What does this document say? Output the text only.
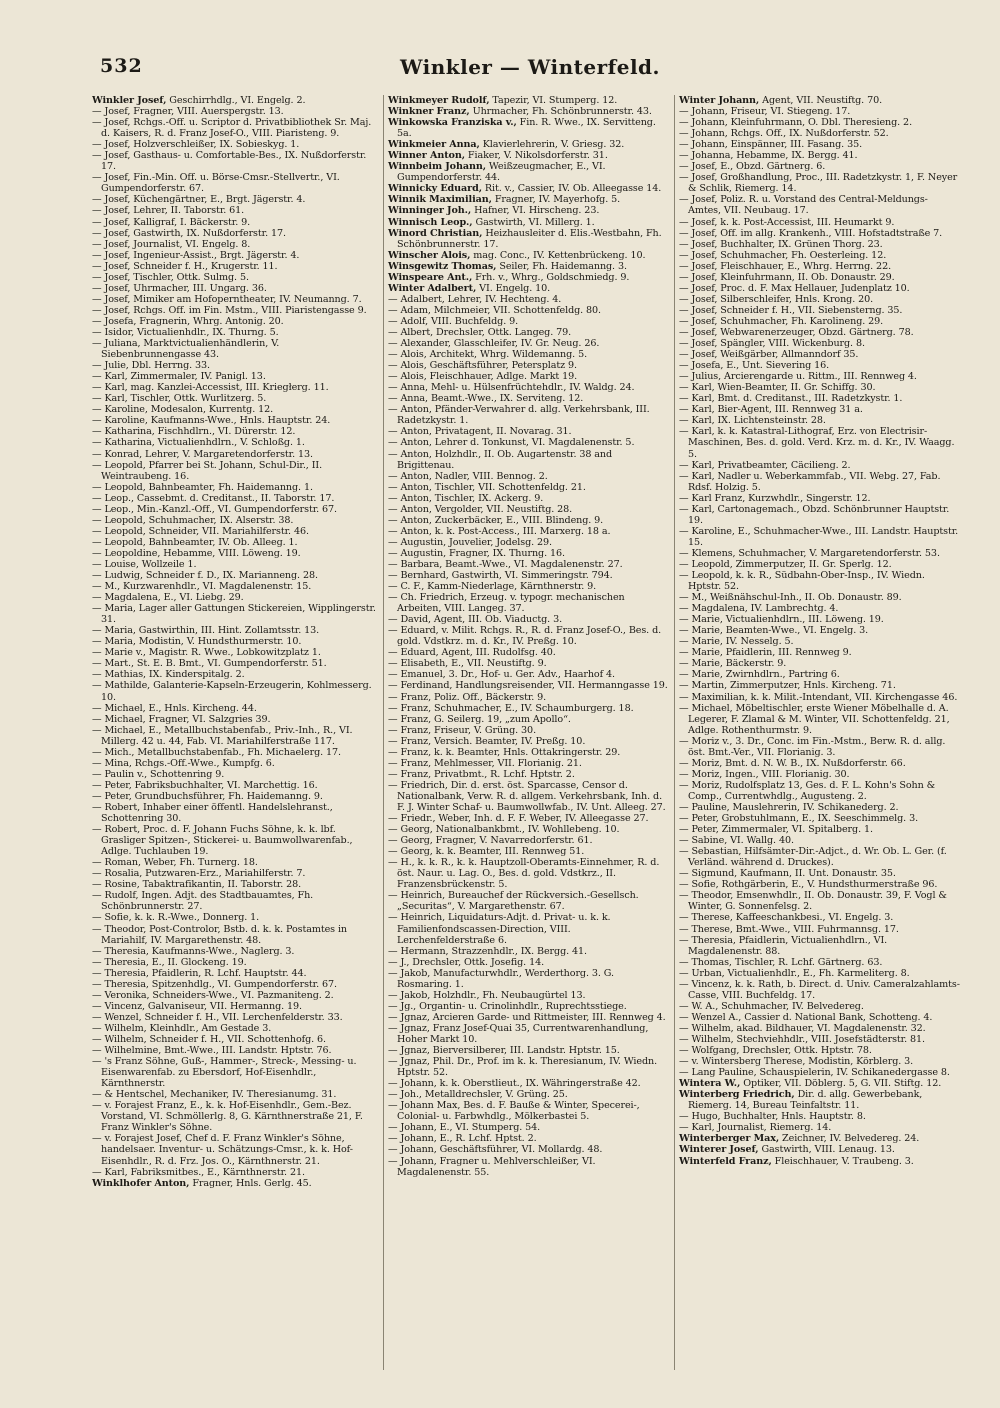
532	Winkler — Winterfeld.

Winkler Josef, Geschirrhdlg., VI. Engelg. 2.

— Josef, Fragner, VIII. Auerspergstr. 13.

— Josef, Rchgs.-Off. u. Scriptor d. Privatbibliothek Sr. Maj. d. Kaisers, R. d. Franz Josef-O., VIII. Piaristeng. 9.

— Josef, Holzverschleißer, IX. Sobieskyg. 1.

— Josef, Gasthaus- u. Comfortable-Bes., IX. Nußdorferstr. 17.

— Josef, Fin.-Min. Off. u. Börse-Cmsr.-Stellvertr., VI. Gumpendorferstr. 67.

— Josef, Küchengärtner, E., Brgt. Jägerstr. 4.

— Josef, Lehrer, II. Taborstr. 61.

— Josef, Kalligraf, I. Bäckerstr. 9.

— Josef, Gastwirth, IX. Nußdorferstr. 17.

— Josef, Journalist, VI. Engelg. 8.

— Josef, Ingenieur-Assist., Brgt. Jägerstr. 4.

— Josef, Schneider f. H., Krugerstr. 11.

— Josef, Tischler, Ottk. Sulmg. 5.

— Josef, Uhrmacher, III. Ungarg. 36.

— Josef, Mimiker am Hofoperntheater, IV. Neumanng. 7.

— Josef, Rchgs. Off. im Fin. Mstm., VIII. Piaristengasse 9.

— Josefa, Fragnerin, Whrg. Antonig. 20.

— Isidor, Victualienhdlr., IX. Thurng. 5.

— Juliana, Marktvictualienhändlerin, V. Siebenbrunnengasse 43.

— Julie, Dbl. Herrng. 33.

— Karl, Zimmermaler, IV. Panigl. 13.

— Karl, mag. Kanzlei-Accessist, III. Kriegłerg. 11.

— Karl, Tischler, Ottk. Wurlitzerg. 5.

— Karoline, Modesalon, Kurrentg. 12.

— Karoline, Kaufmanns-Wwe., Hnls. Hauptstr. 24.

— Katharina, Fischhdlrn., VI. Dürerstr. 12.

— Katharina, Victualienhdlrn., V. Schloßg. 1.

— Konrad, Lehrer, V. Margaretendorferstr. 13.

— Leopold, Pfarrer bei St. Johann, Schul-Dir., II. Weintraubeng. 16.

— Leopold, Bahnbeamter, Fh. Haidemanng. 1.

— Leop., Cassebmt. d. Creditanst., II. Taborstr. 17.

— Leop., Min.-Kanzl.-Off., VI. Gumpendorferstr. 67.

— Leopold, Schuhmacher, IX. Alserstr. 38.

— Leopold, Schneider, VII. Mariahilferstr. 46.

— Leopold, Bahnbeamter, IV. Ob. Alleeg. 1.

— Leopoldine, Hebamme, VIII. Löweng. 19.

— Louise, Wollzeile 1.

— Ludwig, Schneider f. D., IX. Marianneng. 28.

— M., Kurzwarenhdlr., VI. Magdalenenstr. 15.

— Magdalena, E., VI. Liebg. 29.

— Maria, Lager aller Gattungen Stickereien, Wipplingerstr. 31.

— Maria, Gastwirthin, III. Hint. Zollamtsstr. 13.

— Maria, Modistin, V. Hundsthurmerstr. 10.

— Marie v., Magistr. R. Wwe., Lobkowitzplatz 1.

— Mart., St. E. B. Bmt., VI. Gumpendorferstr. 51.

— Mathias, IX. Kinderspitalg. 2.

— Mathilde, Galanterie-Kapseln-Erzeugerin, Kohlmesserg. 10.

— Michael, E., Hnls. Kircheng. 44.

— Michael, Fragner, VI. Salzgries 39.

— Michael, E., Metallbuchstabenfab., Priv.-Inh., R., VI. Millerg. 42 u. 44, Fab. VI. Mariahilferstraße 117.

— Mich., Metallbuchstabenfab., Fh. Michaelerg. 17.

— Mina, Rchgs.-Off.-Wwe., Kumpfg. 6.

— Paulin v., Schottenring 9.

— Peter, Fabriksbuchhalter, VI. Marchettig. 16.

— Peter, Grundbuchsführer, Fh. Haidemanng. 9.

— Robert, Inhaber einer öffentl. Handelslehranst., Schottenring 30.

— Robert, Proc. d. F. Johann Fuchs Söhne, k. k. lbf. Grasliger Spitzen-, Stickerei- u. Baumwollwarenfab., Adlge. Tuchlauben 19.

— Roman, Weber, Fh. Turnerg. 18.

— Rosalia, Putzwaren-Erz., Mariahilferstr. 7.

— Rosine, Tabaktrafikantin, II. Taborstr. 28.

— Rudolf, Ingen. Adjt. des Stadtbauamtes, Fh. Schönbrunnerstr. 27.

— Sofie, k. k. R.-Wwe., Donnerg. 1.

— Theodor, Post-Controlor, Bstb. d. k. k. Postamtes in Mariahilf, IV. Margarethenstr. 48.

— Theresia, Kaufmanns-Wwe., Naglerg. 3.

— Theresia, E., II. Glockeng. 19.

— Theresia, Pfaidlerin, R. Lchf. Hauptstr. 44.

— Theresia, Spitzenhdlg., VI. Gumpendorferstr. 67.

— Veronika, Schneiders-Wwe., VI. Pazmaniteng. 2.

— Vincenz, Galvaniseur, VII. Hermanng. 19.

— Wenzel, Schneider f. H., VII. Lerchenfelderstr. 33.

— Wilhelm, Kleinhdlr., Am Gestade 3.

— Wilhelm, Schneider f. H., VII. Schottenhofg. 6.

— Wilhelmine, Bmt.-Wwe., III. Landstr. Hptstr. 76.

— 's Franz Söhne, Guß-, Hammer-, Streck-, Messing- u. Eisenwarenfab. zu Ebersdorf, Hof-Eisenhdlr., Kärnthnerstr.

— & Hentschel, Mechaniker, IV. Theresianumg. 31.

— v. Forajest Franz, E., k. k. Hof-Eisenhdlr., Gem.-Bez. Vorstand, VI. Schmöllerlg. 8, G. Kärnthnerstraße 21, F. Franz Winkler's Söhne.

— v. Forajest Josef, Chef d. F. Franz Winkler's Söhne, handelsaer. Inventur- u. Schätzungs-Cmsr., k. k. Hof-Eisenhdlr., R. d. Frz. Jos. O., Kärnthnerstr. 21.

— Karl, Fabriksmitbes., E., Kärnthnerstr. 21.

Winklhofer Anton, Fragner, Hnls. Gerlg. 45.

Winkmeyer Rudolf, Tapezir, VI. Stumperg. 12.

Winkner Franz, Uhrmacher, Fh. Schönbrunnerstr. 43.

Winkowska Franziska v., Fin. R. Wwe., IX. Servitteng. 5a.

Winkmeier Anna, Klavierlehrerin, V. Griesg. 32.

Winner Anton, Fiaker, V. Nikolsdorferstr. 31.

Winnbeim Johann, Weißzeugmacher, E., VI. Gumpendorferstr. 44.

Winnicky Eduard, Rit. v., Cassier, IV. Ob. Alleegasse 14.

Winnik Maximilian, Fragner, IV. Mayerhofg. 5.

Winninger Joh., Hafner, VI. Hirscheng. 23.

Winnisch Leop., Gastwirth, VI. Millerg. 1.

Winord Christian, Heizhausleiter d. Elis.-Westbahn, Fh. Schönbrunnerstr. 17.

Winscher Alois, mag. Conc., IV. Kettenbrückeng. 10.

Winsgewitz Thomas, Seiler, Fh. Haidemanng. 3.

Winspeare Ant., Frh. v., Whrg., Goldschmiedg. 9.

Winter Adalbert, VI. Engelg. 10.

— Adalbert, Lehrer, IV. Hechteng. 4.

— Adam, Milchmeier, VII. Schottenfeldg. 80.

— Adolf, VIII. Buchfeldg. 9.

— Albert, Drechsler, Ottk. Langeg. 79.

— Alexander, Glasschleifer, IV. Gr. Neug. 26.

— Alois, Architekt, Whrg. Wildemanng. 5.

— Alois, Geschäftsführer, Petersplatz 9.

— Alois, Fleischhauer, Adlge. Markt 19.

— Anna, Mehl- u. Hülsenfrüchtehdlr., IV. Waldg. 24.

— Anna, Beamt.-Wwe., IX. Serviteng. 12.

— Anton, Pfänder-Verwahrer d. allg. Verkehrsbank, III. Radetzkystr. 1.

— Anton, Privatagent, II. Novarag. 31.

— Anton, Lehrer d. Tonkunst, VI. Magdalenenstr. 5.

— Anton, Holzhdlr., II. Ob. Augartenstr. 38 and Brigittenau.

— Anton, Nadler, VIII. Bennog. 2.

— Anton, Tischler, VII. Schottenfeldg. 21.

— Anton, Tischler, IX. Ackerg. 9.

— Anton, Vergolder, VII. Neustiftg. 28.

— Anton, Zuckerbäcker, E., VIII. Blindeng. 9.

— Anton, k. k. Post-Access., III. Marxerg. 18 a.

— Augustin, Jouvelier, Jodelsg. 29.

— Augustin, Fragner, IX. Thurng. 16.

— Barbara, Beamt.-Wwe., VI. Magdalenenstr. 27.

— Bernhard, Gastwirth, VI. Simmeringstr. 794.

— C. F., Kamm-Niederlage, Kärnthnerstr. 9.

— Ch. Friedrich, Erzeug. v. typogr. mechanischen Arbeiten, VIII. Langeg. 37.

— David, Agent, III. Ob. Viaductg. 3.

— Eduard, v. Milit. Rchgs. R., R. d. Franz Josef-O., Bes. d. gold. Vdstkrz. m. d. Kr., IV. Preßg. 10.

— Eduard, Agent, III. Rudolfsg. 40.

— Elisabeth, E., VII. Neustiftg. 9.

— Emanuel, 3. Dr., Hof- u. Ger. Adv., Haarhof 4.

— Ferdinand, Handlungsreisender, VII. Hermanngasse 19.

— Franz, Poliz. Off., Bäckerstr. 9.

— Franz, Schuhmacher, E., IV. Schaumburgerg. 18.

— Franz, G. Seilerg. 19, „zum Apollo“.

— Franz, Friseur, V. Grüng. 30.

— Franz, Versich. Beamter, IV. Preßg. 10.

— Franz, k. k. Beamter, Hnls. Ottakringerstr. 29.

— Franz, Mehlmesser, VII. Florianig. 21.

— Franz, Privatbmt., R. Lchf. Hptstr. 2.

— Friedrich, Dir. d. erst. öst. Sparcasse, Censor d. Nationalbank, Verw. R. d. allgem. Verkehrsbank, Inh. d. F. J. Winter Schaf- u. Baumwollwfab., IV. Unt. Alleeg. 27.

— Friedr., Weber, Inh. d. F. F. Weber, IV. Alleegasse 27.

— Georg, Nationalbankbmt., IV. Wohllebeng. 10.

— Georg, Fragner, V. Navarredorferstr. 61.

— Georg, k. k. Beamter, III. Rennweg 51.

— H., k. k. R., k. k. Hauptzoll-Oberamts-Einnehmer, R. d. öst. Naur. u. Lag. O., Bes. d. gold. Vdstkrz., II. Franzensbrückenstr. 5.

— Heinrich, Bureauchef der Rückversich.-Gesellsch. „Securitas“, V. Margarethenstr. 67.

— Heinrich, Liquidaturs-Adjt. d. Privat- u. k. k. Familienfondscassen-Direction, VIII. Lerchenfelderstraße 6.

— Hermann, Strazzenhdlr., IX. Bergg. 41.

— J., Drechsler, Ottk. Josefig. 14.

— Jakob, Manufacturwhdlr., Werderthorg. 3. G. Rosmaring. 1.

— Jakob, Holzhdlr., Fh. Neubaugürtel 13.

— Jg., Organtin- u. Crinolinhdlr., Ruprechtsstiege.

— Jgnaz, Arcieren Garde- und Rittmeister, III. Rennweg 4.

— Jgnaz, Franz Josef-Quai 35, Currentwarenhandlung, Hoher Markt 10.

— Jgnaz, Bierversilberer, III. Landstr. Hptstr. 15.

— Jgnaz, Phil. Dr., Prof. im k. k. Theresianum, IV. Wiedn. Hptstr. 52.

— Johann, k. k. Oberstlieut., IX. Währingerstraße 42.

— Joh., Metalldrechsler, V. Grüng. 25.

— Johann Max, Bes. d. F. Bauße & Winter, Specerei-, Colonial- u. Farbwhdlg., Mölkerbastei 5.

— Johann, E., VI. Stumperg. 54.

— Johann, E., R. Lchf. Hptst. 2.

— Johann, Geschäftsführer, VI. Mollardg. 48.

— Johann, Fragner u. Mehlverschleißer, VI. Magdalenenstr. 55.

Winter Johann, Agent, VII. Neustiftg. 70.

— Johann, Friseur, VI. Stiegeng. 17.

— Johann, Kleinfuhrmann, O. Dbl. Theresieng. 2.

— Johann, Rchgs. Off., IX. Nußdorferstr. 52.

— Johann, Einspänner, III. Fasang. 35.

— Johanna, Hebamme, IX. Bergg. 41.

— Josef, E., Obzd. Gärtnerg. 6.

— Josef, Großhandlung, Proc., III. Radetzkystr. 1, F. Neyer & Schlik, Riemerg. 14.

— Josef, Poliz. R. u. Vorstand des Central-Meldungs-Amtes, VII. Neubaug. 17.

— Josef, k. k. Post-Accessist, III. Heumarkt 9.

— Josef, Off. im allg. Krankenh., VIII. Hofstadtstraße 7.

— Josef, Buchhalter, IX. Grünen Thorg. 23.

— Josef, Schuhmacher, Fh. Oesterleing. 12.

— Josef, Fleischhauer, E., Whrg. Herrng. 22.

— Josef, Kleinfuhrmann, II. Ob. Donaustr. 29.

— Josef, Proc. d. F. Max Hellauer, Judenplatz 10.

— Josef, Silberschleifer, Hnls. Krong. 20.

— Josef, Schneider f. H., VII. Siebensterng. 35.

— Josef, Schuhmacher, Fh. Karolineng. 29.

— Josef, Webwarenerzeuger, Obzd. Gärtnerg. 78.

— Josef, Spängler, VIII. Wickenburg. 8.

— Josef, Weißgärber, Allmanndorf 35.

— Josefa, E., Unt. Sievering 16.

— Julius, Arcierengarde u. Rittm., III. Rennweg 4.

— Karl, Wien-Beamter, II. Gr. Schiffg. 30.

— Karl, Bmt. d. Creditanst., III. Radetzkystr. 1.

— Karl, Bier-Agent, III. Rennweg 31 a.

— Karl, IX. Lichtensteinstr. 28.

— Karl, k. k. Katastral-Lithograf, Erz. von Electrisir-Maschinen, Bes. d. gold. Verd. Krz. m. d. Kr., IV. Waagg. 5.

— Karl, Privatbeamter, Cäcilieng. 2.

— Karl, Nadler u. Weberkammfab., VII. Webg. 27, Fab. Rdsf. Holzig. 5.

— Karl Franz, Kurzwhdlr., Singerstr. 12.

— Karl, Cartonagemach., Obzd. Schönbrunner Hauptstr. 19.

— Karoline, E., Schuhmacher-Wwe., III. Landstr. Hauptstr. 15.

— Klemens, Schuhmacher, V. Margaretendorferstr. 53.

— Leopold, Zimmerputzer, II. Gr. Sperlg. 12.

— Leopold, k. k. R., Südbahn-Ober-Insp., IV. Wiedn. Hptstr. 52.

— M., Weißnähschul-Inh., II. Ob. Donaustr. 89.

— Magdalena, IV. Lambrechtg. 4.

— Marie, Victualienhdlrn., III. Löweng. 19.

— Marie, Beamten-Wwe., VI. Engelg. 3.

— Marie, IV. Nesselg. 5.

— Marie, Pfaidlerin, III. Rennweg 9.

— Marie, Bäckerstr. 9.

— Marie, Zwirnhdlrn., Partring 6.

— Martin, Zimmerputzer, Hnls. Kircheng. 71.

— Maximilian, k. k. Milit.-Intendant, VII. Kirchengasse 46.

— Michael, Möbeltischler, erste Wiener Möbelhalle d. A. Legerer, F. Zlamal & M. Winter, VII. Schottenfeldg. 21, Adlge. Rothenthurmstr. 9.

— Moriz v., 3. Dr., Conc. im Fin.-Mstm., Berw. R. d. allg. öst. Bmt.-Ver., VII. Florianig. 3.

— Moriz, Bmt. d. N. W. B., IX. Nußdorferstr. 66.

— Moriz, Ingen., VIII. Florianig. 30.

— Moriz, Rudolfsplatz 13, Ges. d. F. L. Kohn's Sohn & Comp., Currentwhdlg., Augusteng. 2.

— Pauline, Mauslehrerin, IV. Schikanederg. 2.

— Peter, Grobstuhlmann, E., IX. Seeschimmelg. 3.

— Peter, Zimmermaler, VI. Spitalberg. 1.

— Sabine, VI. Wallg. 40.

— Sebastian, Hilfsämter-Dir.-Adjct., d. Wr. Ob. L. Ger. (f. Verländ. während d. Druckes).

— Sigmund, Kaufmann, II. Unt. Donaustr. 35.

— Sofie, Rothgärberin, E., V. Hundsthurmerstraße 96.

— Theodor, Emsenwhdlr., II. Ob. Donaustr. 39, F. Vogl & Winter, G. Sonnenfelsg. 2.

— Therese, Kaffeeschankbesi., VI. Engelg. 3.

— Therese, Bmt.-Wwe., VIII. Fuhrmannsg. 17.

— Theresia, Pfaidlerin, Victualienhdlrn., VI. Magdalenenstr. 88.

— Thomas, Tischler, R. Lchf. Gärtnerg. 63.

— Urban, Victualienhdlr., E., Fh. Karmeliterg. 8.

— Vincenz, k. k. Rath, b. Direct. d. Univ. Cameralzahlamts-Casse, VIII. Buchfeldg. 17.

— W. A., Schuhmacher, IV. Belvedereg.

— Wenzel A., Cassier d. National Bank, Schotteng. 4.

— Wilhelm, akad. Bildhauer, VI. Magdalenenstr. 32.

— Wilhelm, Stechviehhdlr., VIII. Josefstädterstr. 81.

— Wolfgang, Drechsler, Ottk. Hptstr. 78.

— v. Wintersberg Therese, Modistin, Körblerg. 3.

— Lang Pauline, Schauspielerin, IV. Schikanedergasse 8.

Wintera W., Optiker, VII. Döblerg. 5, G. VII. Stiftg. 12.

Winterberg Friedrich, Dir. d. allg. Gewerbebank, Riemerg. 14, Bureau Teinfaltstr. 11.

— Hugo, Buchhalter, Hnls. Hauptstr. 8.

— Karl, Journalist, Riemerg. 14.

Winterberger Max, Zeichner, IV. Belvedereg. 24.

Winterer Josef, Gastwirth, VIII. Lenaug. 13.

Winterfeld Franz, Fleischhauer, V. Traubeng. 3.
